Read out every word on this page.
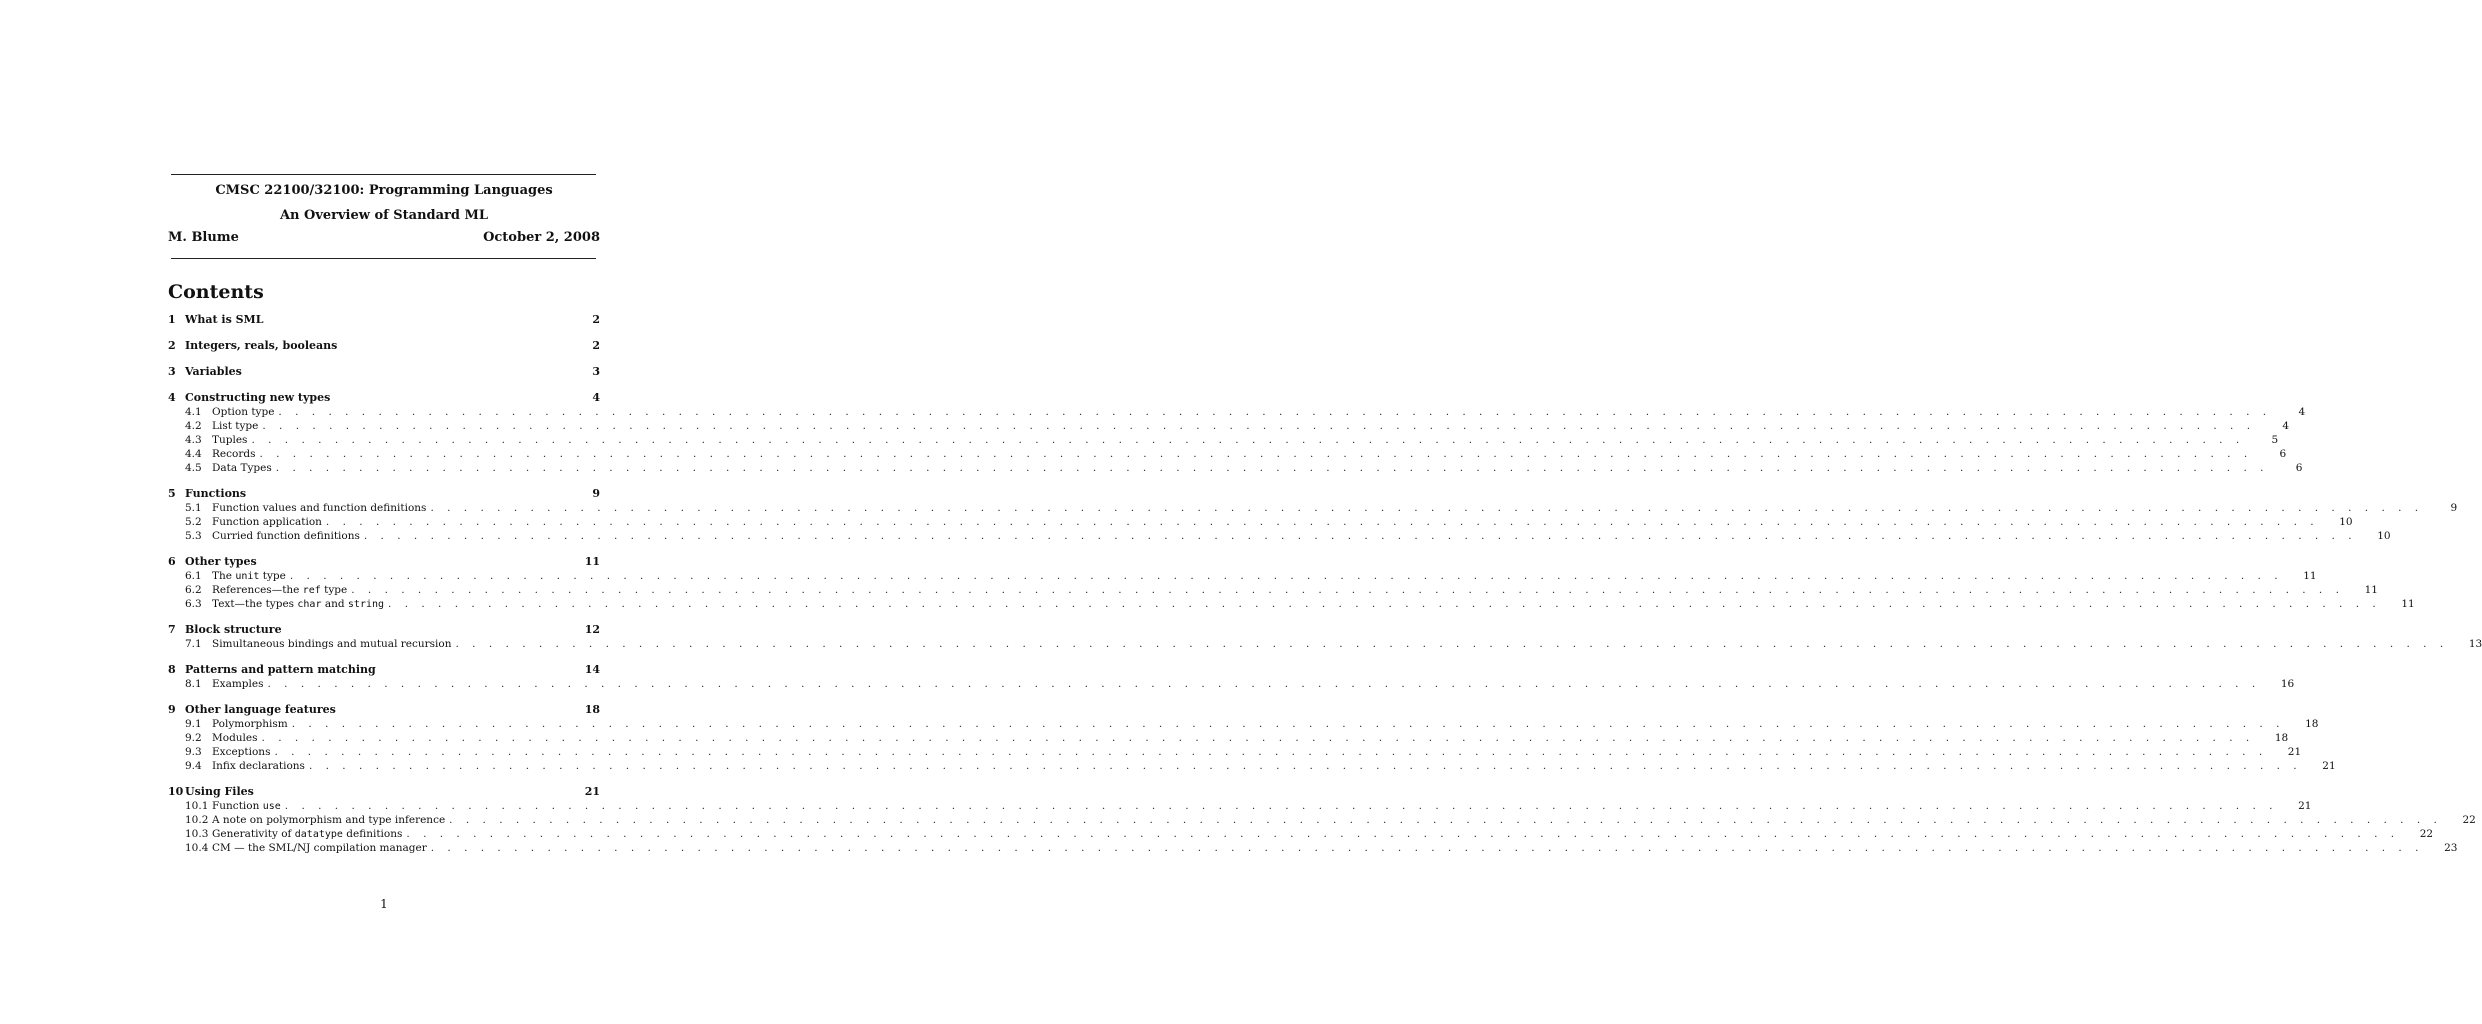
CMSC 22100/32100: Programming Languages
An Overview of Standard ML
M. Blume	October 2, 2008
Contents
1 What is SML	2
2 Integers, reals, booleans	2
3 Variables	3
4 Constructing new types	4
4.1 Option type . . . . . . . . . . . . . . . . . . . . . . . . . . . . . . . . . . . . . . . . . . . . . . . . . . . . . . . . . . . . . . . . . . . . . . . . . . . . . . . . . . . . . . . . . . . . . . . . . . . . . . . . . . . . . . . . . . . . . . . .	4
4.2 List type . . . . . . . . . . . . . . . . . . . . . . . . . . . . . . . . . . . . . . . . . . . . . . . . . . . . . . . . . . . . . . . . . . . . . . . . . . . . . . . . . . . . . . . . . . . . . . . . . . . . . . . . . . . . . . . . . . . . . . . .	4
4.3 Tuples . . . . . . . . . . . . . . . . . . . . . . . . . . . . . . . . . . . . . . . . . . . . . . . . . . . . . . . . . . . . . . . . . . . . . . . . . . . . . . . . . . . . . . . . . . . . . . . . . . . . . . . . . . . . . . . . . . . . . . . .	5
4.4 Records . . . . . . . . . . . . . . . . . . . . . . . . . . . . . . . . . . . . . . . . . . . . . . . . . . . . . . . . . . . . . . . . . . . . . . . . . . . . . . . . . . . . . . . . . . . . . . . . . . . . . . . . . . . . . . . . . . . . . . . .	6
4.5 Data Types . . . . . . . . . . . . . . . . . . . . . . . . . . . . . . . . . . . . . . . . . . . . . . . . . . . . . . . . . . . . . . . . . . . . . . . . . . . . . . . . . . . . . . . . . . . . . . . . . . . . . . . . . . . . . . . . . . . . . . . .	6
5 Functions	9
5.1 Function values and function definitions . . . . . . . . . . . . . . . . . . . . . . . . . . . . . . . . . . . . . . . . . . . . . . . . . . . . . . . . . . . . . . . . . . . . . . . . . . . . . . . . . . . . . . . . . . . . . . . . . . . . . . . . . . . . . . . . . . . . . . . .	9
5.2 Function application . . . . . . . . . . . . . . . . . . . . . . . . . . . . . . . . . . . . . . . . . . . . . . . . . . . . . . . . . . . . . . . . . . . . . . . . . . . . . . . . . . . . . . . . . . . . . . . . . . . . . . . . . . . . . . . . . . . . . . . .	10
5.3 Curried function definitions . . . . . . . . . . . . . . . . . . . . . . . . . . . . . . . . . . . . . . . . . . . . . . . . . . . . . . . . . . . . . . . . . . . . . . . . . . . . . . . . . . . . . . . . . . . . . . . . . . . . . . . . . . . . . . . . . . . . . . . .	10
6 Other types	11
6.1 The unit type . . . . . . . . . . . . . . . . . . . . . . . . . . . . . . . . . . . . . . . . . . . . . . . . . . . . . . . . . . . . . . . . . . . . . . . . . . . . . . . . . . . . . . . . . . . . . . . . . . . . . . . . . . . . . . . . . . . . . . . .	11
6.2 References—the ref type . . . . . . . . . . . . . . . . . . . . . . . . . . . . . . . . . . . . . . . . . . . . . . . . . . . . . . . . . . . . . . . . . . . . . . . . . . . . . . . . . . . . . . . . . . . . . . . . . . . . . . . . . . . . . . . . . . . . . . . .	11
6.3 Text—the types char and string . . . . . . . . . . . . . . . . . . . . . . . . . . . . . . . . . . . . . . . . . . . . . . . . . . . . . . . . . . . . . . . . . . . . . . . . . . . . . . . . . . . . . . . . . . . . . . . . . . . . . . . . . . . . . . . . . . . . . . . .	11
7 Block structure	12
7.1 Simultaneous bindings and mutual recursion . . . . . . . . . . . . . . . . . . . . . . . . . . . . . . . . . . . . . . . . . . . . . . . . . . . . . . . . . . . . . . . . . . . . . . . . . . . . . . . . . . . . . . . . . . . . . . . . . . . . . . . . . . . . . . . . . . . . . . . .	13
8 Patterns and pattern matching	14
8.1 Examples . . . . . . . . . . . . . . . . . . . . . . . . . . . . . . . . . . . . . . . . . . . . . . . . . . . . . . . . . . . . . . . . . . . . . . . . . . . . . . . . . . . . . . . . . . . . . . . . . . . . . . . . . . . . . . . . . . . . . . . .	16
9 Other language features	18
9.1 Polymorphism . . . . . . . . . . . . . . . . . . . . . . . . . . . . . . . . . . . . . . . . . . . . . . . . . . . . . . . . . . . . . . . . . . . . . . . . . . . . . . . . . . . . . . . . . . . . . . . . . . . . . . . . . . . . . . . . . . . . . . . .	18
9.2 Modules . . . . . . . . . . . . . . . . . . . . . . . . . . . . . . . . . . . . . . . . . . . . . . . . . . . . . . . . . . . . . . . . . . . . . . . . . . . . . . . . . . . . . . . . . . . . . . . . . . . . . . . . . . . . . . . . . . . . . . . .	18
9.3 Exceptions . . . . . . . . . . . . . . . . . . . . . . . . . . . . . . . . . . . . . . . . . . . . . . . . . . . . . . . . . . . . . . . . . . . . . . . . . . . . . . . . . . . . . . . . . . . . . . . . . . . . . . . . . . . . . . . . . . . . . . . .	21
9.4 Infix declarations . . . . . . . . . . . . . . . . . . . . . . . . . . . . . . . . . . . . . . . . . . . . . . . . . . . . . . . . . . . . . . . . . . . . . . . . . . . . . . . . . . . . . . . . . . . . . . . . . . . . . . . . . . . . . . . . . . . . . . . .	21
10 Using Files	21
10.1 Function use . . . . . . . . . . . . . . . . . . . . . . . . . . . . . . . . . . . . . . . . . . . . . . . . . . . . . . . . . . . . . . . . . . . . . . . . . . . . . . . . . . . . . . . . . . . . . . . . . . . . . . . . . . . . . . . . . . . . . . . .	21
10.2 A note on polymorphism and type inference . . . . . . . . . . . . . . . . . . . . . . . . . . . . . . . . . . . . . . . . . . . . . . . . . . . . . . . . . . . . . . . . . . . . . . . . . . . . . . . . . . . . . . . . . . . . . . . . . . . . . . . . . . . . . . . . . . . . . . . .	22
10.3 Generativity of datatype definitions . . . . . . . . . . . . . . . . . . . . . . . . . . . . . . . . . . . . . . . . . . . . . . . . . . . . . . . . . . . . . . . . . . . . . . . . . . . . . . . . . . . . . . . . . . . . . . . . . . . . . . . . . . . . . . . . . . . . . . . .	22
10.4 CM — the SML/NJ compilation manager . . . . . . . . . . . . . . . . . . . . . . . . . . . . . . . . . . . . . . . . . . . . . . . . . . . . . . . . . . . . . . . . . . . . . . . . . . . . . . . . . . . . . . . . . . . . . . . . . . . . . . . . . . . . . . . . . . . . . . . .	23
1
